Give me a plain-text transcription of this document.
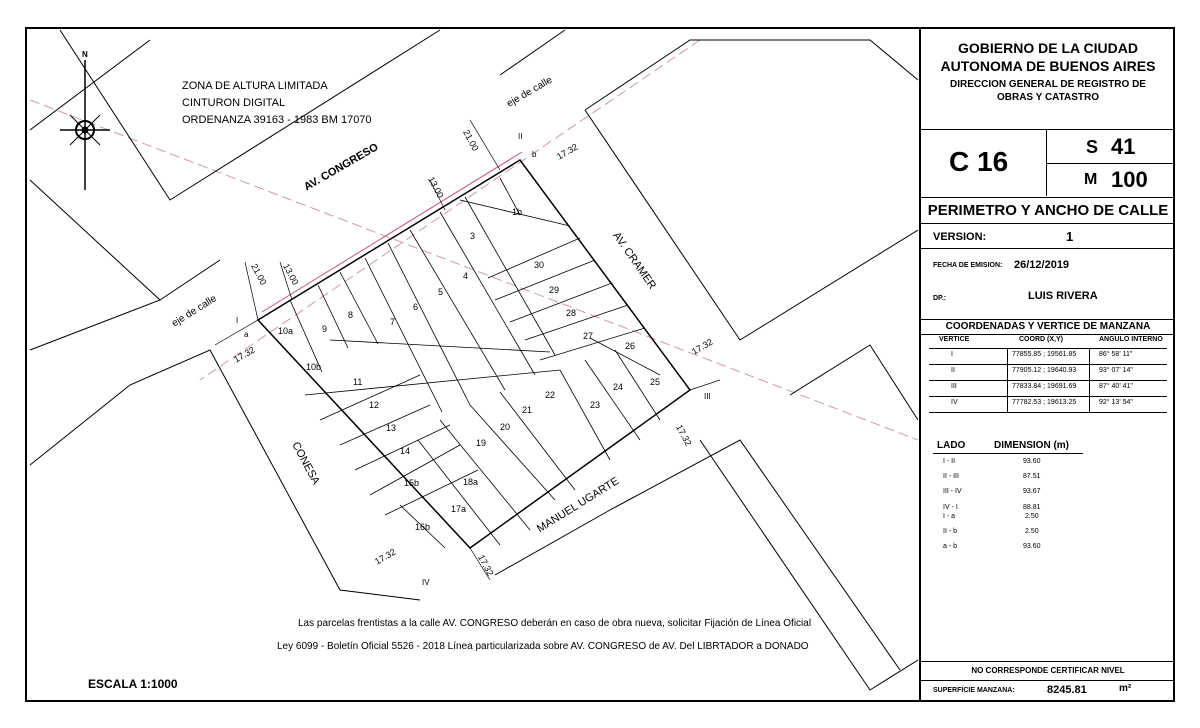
N
ZONA DE ALTURA LIMITADA
CINTURON DIGITAL
ORDENANZA 39163 - 1983 BM 17070
AV. CONGRESO
AV. CRAMER
CONESA
MANUEL UGARTE
eje de calle
eje de calle
21.00
13.00
17.32
21.00 13.00
17.32	17.32
17.32
17.32	17.32
I
a
II
b
III
IV
10a	9
8
7
6
5
4
3
1b
30
29
28
27
26
25
24
23
22
21
20
19
18a
17a
16b
15b
14
13
12
11
10b
Las parcelas frentistas a la calle AV. CONGRESO deberán en caso de obra nueva, solicitar Fijación de Línea Oficial
Ley 6099 - Boletín Oficial 5526 - 2018 Línea particularizada sobre AV. CONGRESO de AV. Del LIBRTADOR a DONADO
ESCALA 1:1000
GOBIERNO DE LA CIUDAD
AUTONOMA DE BUENOS AIRES
DIRECCION GENERAL DE REGISTRO DE
OBRAS Y CATASTRO
C 16	S 41
M 100
PERIMETRO Y ANCHO DE CALLE
VERSION:	1
FECHA DE EMISION: 26/12/2019
DP.:	LUIS RIVERA
COORDENADAS Y VERTICE DE MANZANA
VERTICE	COORD (X,Y)	ANGULO INTERNO
I	77855.85 ; 19561.85	86° 58' 11"
II	77905.12 ; 19640.93	93° 07' 14"
III	77833.84 ; 19691.69	87° 40' 41"
IV	77782.53 ; 19613.25	92° 13' 54"
LADO	DIMENSION (m)
I - II	93.60
II - III	87.51
III - IV	93.67
IV - I	88.81
I - a	2.50
II - b	2.50
a - b	93.60
NO CORRESPONDE CERTIFICAR NIVEL
SUPERFICIE MANZANA:	8245.81	m²
